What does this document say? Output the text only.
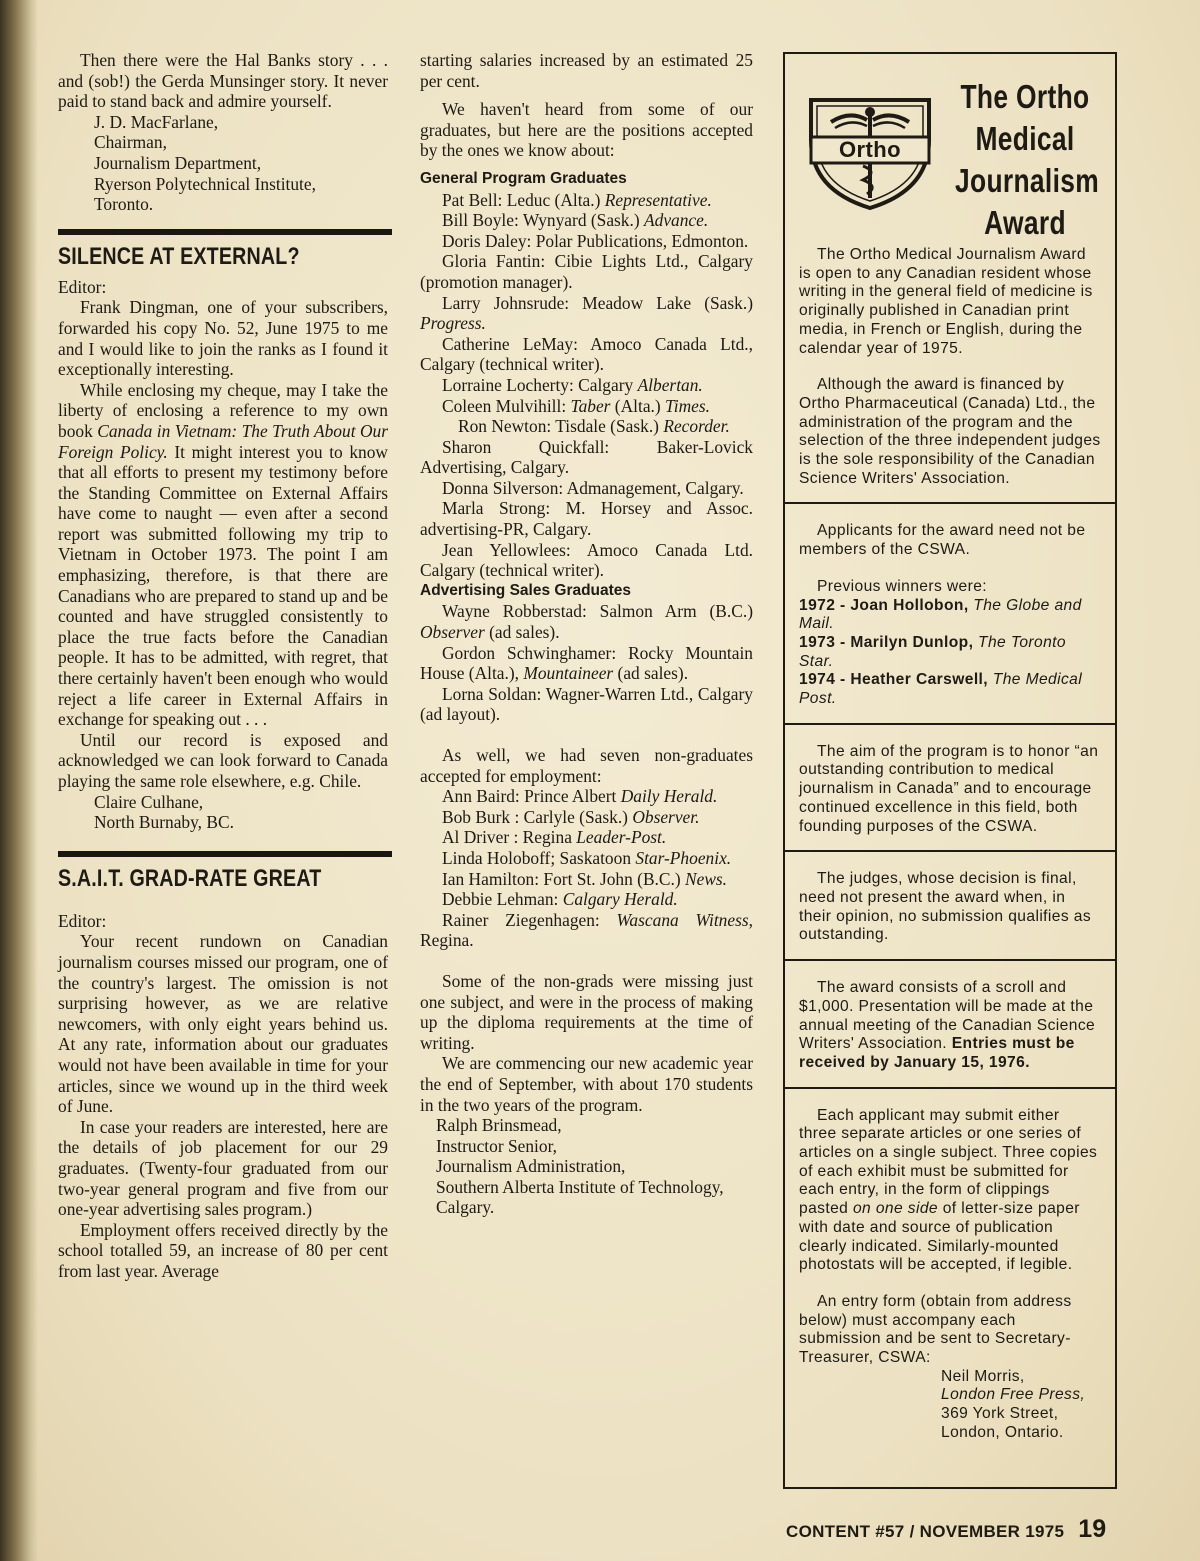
Then there were the Hal Banks story . . . and (sob!) the Gerda Munsinger story. It never paid to stand back and admire yourself.

J. D. MacFarlane,
Chairman,
Journalism Department,
Ryerson Polytechnical Institute,
Toronto.
SILENCE AT EXTERNAL?

Editor:

Frank Dingman, one of your subscribers, forwarded his copy No. 52, June 1975 to me and I would like to join the ranks as I found it exceptionally interesting.

While enclosing my cheque, may I take the liberty of enclosing a reference to my own book Canada in Vietnam: The Truth About Our Foreign Policy. It might interest you to know that all efforts to present my testimony before the Standing Committee on External Affairs have come to naught — even after a second report was submitted following my trip to Vietnam in October 1973. The point I am emphasizing, therefore, is that there are Canadians who are prepared to stand up and be counted and have struggled consistently to place the true facts before the Canadian people. It has to be admitted, with regret, that there certainly haven't been enough who would reject a life career in External Affairs in exchange for speaking out . . .

Until our record is exposed and acknowledged we can look forward to Canada playing the same role elsewhere, e.g. Chile.

Claire Culhane,
North Burnaby, BC.
S.A.I.T. GRAD-RATE GREAT

Editor:

Your recent rundown on Canadian journalism courses missed our program, one of the country's largest. The omission is not surprising however, as we are relative newcomers, with only eight years behind us. At any rate, information about our graduates would not have been available in time for your articles, since we wound up in the third week of June.

In case your readers are interested, here are the details of job placement for our 29 graduates. (Twenty-four graduated from our two-year general program and five from our one-year advertising sales program.)

Employment offers received directly by the school totalled 59, an increase of 80 per cent from last year. Average

starting salaries increased by an estimated 25 per cent.

We haven't heard from some of our graduates, but here are the positions accepted by the ones we know about:

General Program Graduates

Pat Bell: Leduc (Alta.) Representative.

Bill Boyle: Wynyard (Sask.) Advance.

Doris Daley: Polar Publications, Edmonton.

Gloria Fantin: Cibie Lights Ltd., Calgary (promotion manager).

Larry Johnsrude: Meadow Lake (Sask.) Progress.

Catherine LeMay: Amoco Canada Ltd., Calgary (technical writer).

Lorraine Locherty: Calgary Albertan.

Coleen Mulvihill: Taber (Alta.) Times.

Ron Newton: Tisdale (Sask.) Recorder.

Sharon Quickfall: Baker-Lovick Advertising, Calgary.

Donna Silverson: Admanagement, Calgary.

Marla Strong: M. Horsey and Assoc. advertising-PR, Calgary.

Jean Yellowlees: Amoco Canada Ltd. Calgary (technical writer).

Advertising Sales Graduates

Wayne Robberstad: Salmon Arm (B.C.) Observer (ad sales).

Gordon Schwinghamer: Rocky Mountain House (Alta.), Mountaineer (ad sales).

Lorna Soldan: Wagner-Warren Ltd., Calgary (ad layout).

As well, we had seven non-graduates accepted for employment:

Ann Baird: Prince Albert Daily Herald.

Bob Burk : Carlyle (Sask.) Observer.

Al Driver : Regina Leader-Post.

Linda Holoboff; Saskatoon Star-Phoenix.

Ian Hamilton: Fort St. John (B.C.) News.

Debbie Lehman: Calgary Herald.

Rainer Ziegenhagen: Wascana Witness, Regina.

Some of the non-grads were missing just one subject, and were in the process of making up the diploma requirements at the time of writing.

We are commencing our new academic year the end of September, with about 170 students in the two years of the program.

Ralph Brinsmead,
Instructor Senior,
Journalism Administration,
Southern Alberta Institute of Technology,
Calgary.
Ortho
The Ortho
Medical
Journalism
Award

The Ortho Medical Journalism Award is open to any Canadian resident whose writing in the general field of medicine is originally published in Canadian print media, in French or English, during the calendar year of 1975.

Although the award is financed by Ortho Pharmaceutical (Canada) Ltd., the administration of the program and the selection of the three independent judges is the sole responsibility of the Canadian Science Writers' Association.

Applicants for the award need not be members of the CSWA.

Previous winners were:

1972 - Joan Hollobon, The Globe and Mail.

1973 - Marilyn Dunlop, The Toronto Star.

1974 - Heather Carswell, The Medical Post.

The aim of the program is to honor “an outstanding contribution to medical journalism in Canada” and to encourage continued excellence in this field, both founding purposes of the CSWA.

The judges, whose decision is final, need not present the award when, in their opinion, no submission qualifies as outstanding.

The award consists of a scroll and $1,000. Presentation will be made at the annual meeting of the Canadian Science Writers' Association. Entries must be received by January 15, 1976.

Each applicant may submit either three separate articles or one series of articles on a single subject. Three copies of each exhibit must be submitted for each entry, in the form of clippings pasted on one side of letter-size paper with date and source of publication clearly indicated. Similarly-mounted photostats will be accepted, if legible.

An entry form (obtain from address below) must accompany each submission and be sent to Secretary-Treasurer, CSWA:

Neil Morris,
London Free Press,
369 York Street,
London, Ontario.
CONTENT #57 / NOVEMBER 1975 19
